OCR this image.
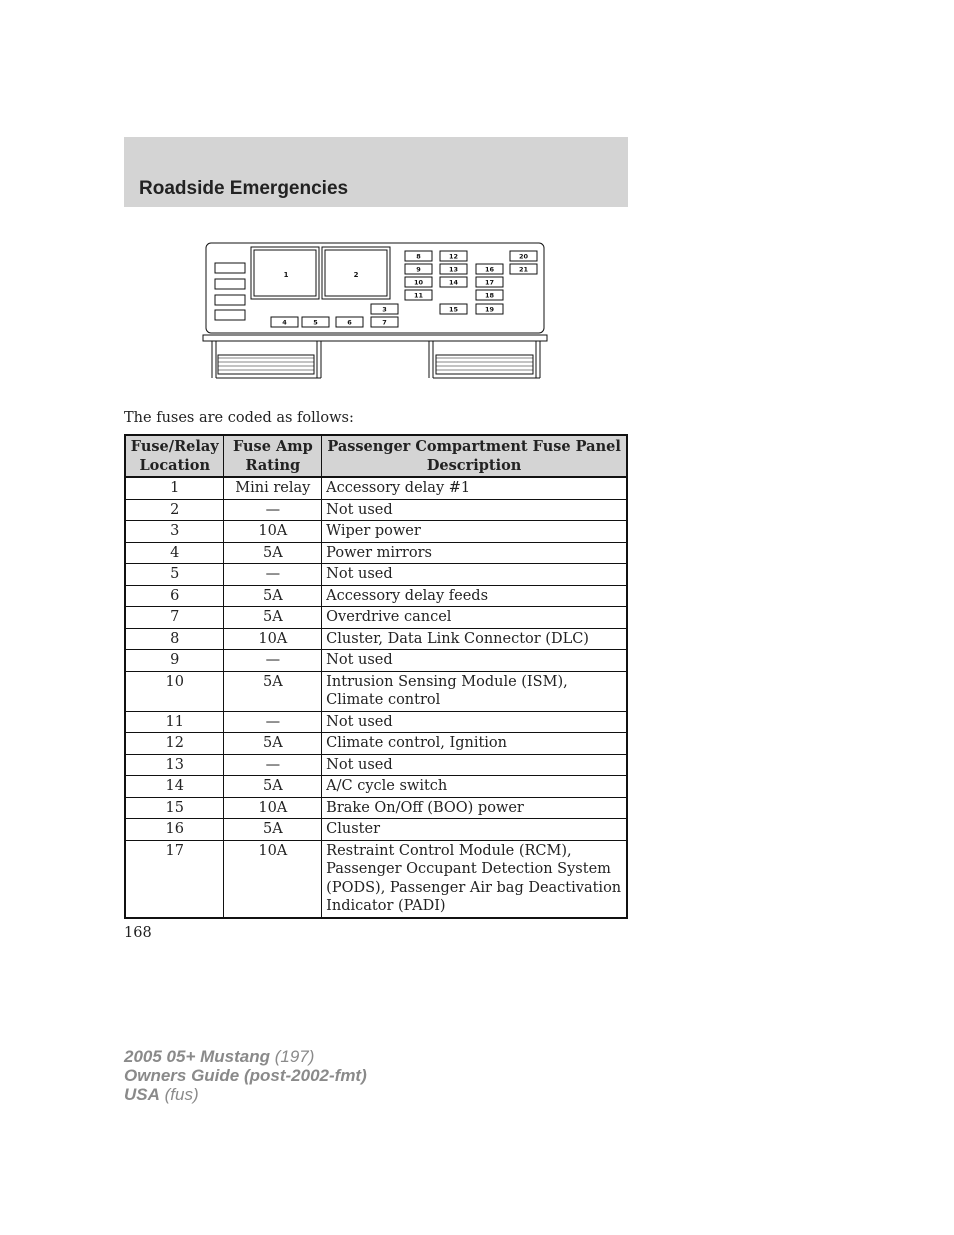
Roadside Emergencies
1	2
4	5	6	7
3
8
9
10
11
12
13
14
15
16
17
18
19
20
21
The fuses are coded as follows:
Fuse/Relay Location	Fuse Amp Rating	Passenger Compartment Fuse Panel Description
1	Mini relay	Accessory delay #1
2	—	Not used
3	10A	Wiper power
4	5A	Power mirrors
5	—	Not used
6	5A	Accessory delay feeds
7	5A	Overdrive cancel
8	10A	Cluster, Data Link Connector (DLC)
9	—	Not used
10	5A	Intrusion Sensing Module (ISM), Climate control
11	—	Not used
12	5A	Climate control, Ignition
13	—	Not used
14	5A	A/C cycle switch
15	10A	Brake On/Off (BOO) power
16	5A	Cluster
17	10A	Restraint Control Module (RCM), Passenger Occupant Detection System (PODS), Passenger Air bag Deactivation Indicator (PADI)
168
2005 05+ Mustang (197)
Owners Guide (post-2002-fmt)
USA (fus)
